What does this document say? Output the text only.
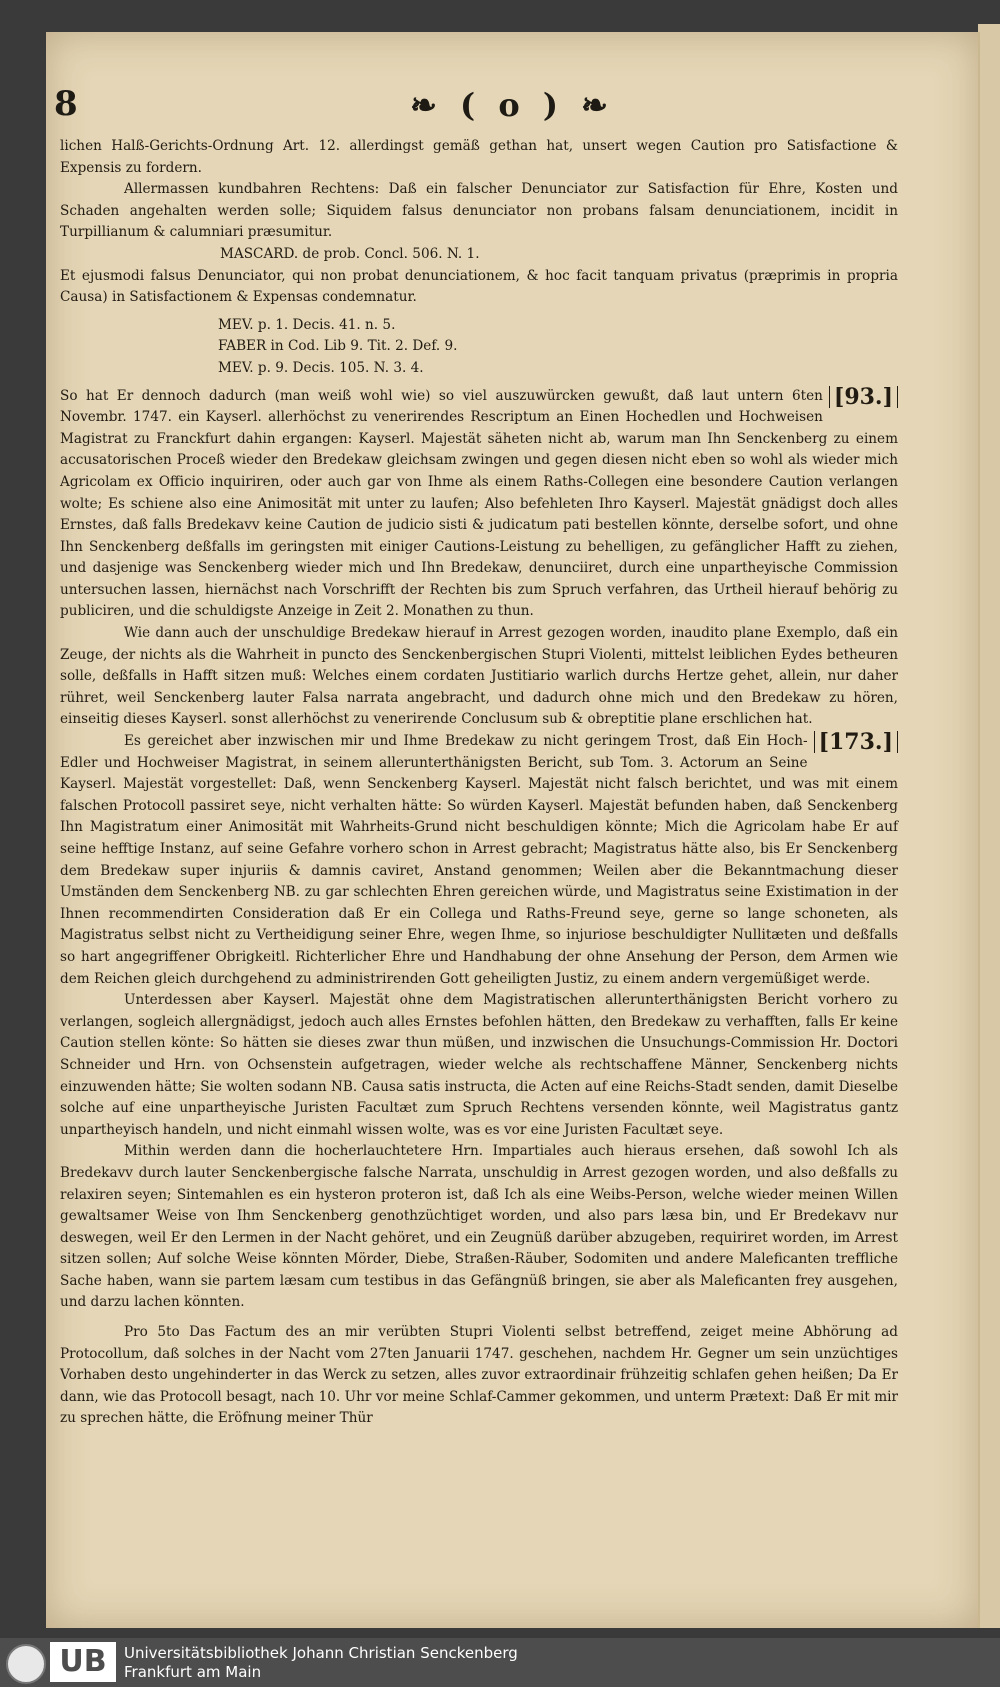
8	❧ ( o ) ❧

lichen Halß-Gerichts-Ordnung Art. 12. allerdingst gemäß gethan hat, unsert wegen Caution pro Satisfactione & Expensis zu fordern.

Allermassen kundbahren Rechtens: Daß ein falscher Denunciator zur Satisfaction für Ehre, Kosten und Schaden angehalten werden solle; Siquidem falsus denunciator non probans falsam denunciationem, incidit in Turpillianum & calumniari præsumitur.

MASCARD. de prob. Concl. 506. N. 1.

Et ejusmodi falsus Denunciator, qui non probat denunciationem, & hoc facit tanquam privatus (præprimis in propria Causa) in Satisfactionem & Expensas condemnatur.

MEV. p. 1. Decis. 41. n. 5.

FABER in Cod. Lib 9. Tit. 2. Def. 9.

MEV. p. 9. Decis. 105. N. 3. 4.

[93.]

So hat Er dennoch dadurch (man weiß wohl wie) so viel auszuwürcken gewußt, daß laut untern 6ten Novembr. 1747. ein Kayserl. allerhöchst zu venerirendes Rescriptum an Einen Hochedlen und Hochweisen Magistrat zu Franckfurt dahin ergangen: Kayserl. Majestät säheten nicht ab, warum man Ihn Senckenberg zu einem accusatorischen Proceß wieder den Bredekaw gleichsam zwingen und gegen diesen nicht eben so wohl als wieder mich Agricolam ex Officio inquiriren, oder auch gar von Ihme als einem Raths-Collegen eine besondere Caution verlangen wolte; Es schiene also eine Animosität mit unter zu laufen; Also befehleten Ihro Kayserl. Majestät gnädigst doch alles Ernstes, daß falls Bredekavv keine Caution de judicio sisti & judicatum pati bestellen könnte, derselbe sofort, und ohne Ihn Senckenberg deßfalls im geringsten mit einiger Cautions-Leistung zu behelligen, zu gefänglicher Hafft zu ziehen, und dasjenige was Senckenberg wieder mich und Ihn Bredekaw, denunciiret, durch eine unpartheyische Commission untersuchen lassen, hiernächst nach Vorschrifft der Rechten bis zum Spruch verfahren, das Urtheil hierauf behörig zu publiciren, und die schuldigste Anzeige in Zeit 2. Monathen zu thun.

Wie dann auch der unschuldige Bredekaw hierauf in Arrest gezogen worden, inaudito plane Exemplo, daß ein Zeuge, der nichts als die Wahrheit in puncto des Senckenbergischen Stupri Violenti, mittelst leiblichen Eydes betheuren solle, deßfalls in Hafft sitzen muß: Welches einem cordaten Justitiario warlich durchs Hertze gehet, allein, nur daher rühret, weil Senckenberg lauter Falsa narrata angebracht, und dadurch ohne mich und den Bredekaw zu hören, einseitig dieses Kayserl. sonst allerhöchst zu venerirende Conclusum sub & obreptitie plane erschlichen hat.

[173.]

Es gereichet aber inzwischen mir und Ihme Bredekaw zu nicht geringem Trost, daß Ein Hoch-Edler und Hochweiser Magistrat, in seinem allerunterthänigsten Bericht, sub Tom. 3. Actorum an Seine Kayserl. Majestät vorgestellet: Daß, wenn Senckenberg Kayserl. Majestät nicht falsch berichtet, und was mit einem falschen Protocoll passiret seye, nicht verhalten hätte: So würden Kayserl. Majestät befunden haben, daß Senckenberg Ihn Magistratum einer Animosität mit Wahrheits-Grund nicht beschuldigen könnte; Mich die Agricolam habe Er auf seine hefftige Instanz, auf seine Gefahre vorhero schon in Arrest gebracht; Magistratus hätte also, bis Er Senckenberg dem Bredekaw super injuriis & damnis caviret, Anstand genommen; Weilen aber die Bekanntmachung dieser Umständen dem Senckenberg NB. zu gar schlechten Ehren gereichen würde, und Magistratus seine Existimation in der Ihnen recommendirten Consideration daß Er ein Collega und Raths-Freund seye, gerne so lange schoneten, als Magistratus selbst nicht zu Vertheidigung seiner Ehre, wegen Ihme, so injuriose beschuldigter Nullitæten und deßfalls so hart angegriffener Obrigkeitl. Richterlicher Ehre und Handhabung der ohne Ansehung der Person, dem Armen wie dem Reichen gleich durchgehend zu administrirenden Gott geheiligten Justiz, zu einem andern vergemüßiget werde.

Unterdessen aber Kayserl. Majestät ohne dem Magistratischen allerunterthänigsten Bericht vorhero zu verlangen, sogleich allergnädigst, jedoch auch alles Ernstes befohlen hätten, den Bredekaw zu verhafften, falls Er keine Caution stellen könte: So hätten sie dieses zwar thun müßen, und inzwischen die Unsuchungs-Commission Hr. Doctori Schneider und Hrn. von Ochsenstein aufgetragen, wieder welche als rechtschaffene Männer, Senckenberg nichts einzuwenden hätte; Sie wolten sodann NB. Causa satis instructa, die Acten auf eine Reichs-Stadt senden, damit Dieselbe solche auf eine unpartheyische Juristen Facultæt zum Spruch Rechtens versenden könnte, weil Magistratus gantz unpartheyisch handeln, und nicht einmahl wissen wolte, was es vor eine Juristen Facultæt seye.

Mithin werden dann die hocherlauchtetere Hrn. Impartiales auch hieraus ersehen, daß sowohl Ich als Bredekavv durch lauter Senckenbergische falsche Narrata, unschuldig in Arrest gezogen worden, und also deßfalls zu relaxiren seyen; Sintemahlen es ein hysteron proteron ist, daß Ich als eine Weibs-Person, welche wieder meinen Willen gewaltsamer Weise von Ihm Senckenberg genothzüchtiget worden, und also pars læsa bin, und Er Bredekavv nur deswegen, weil Er den Lermen in der Nacht gehöret, und ein Zeugnüß darüber abzugeben, requiriret worden, im Arrest sitzen sollen; Auf solche Weise könnten Mörder, Diebe, Straßen-Räuber, Sodomiten und andere Maleficanten treffliche Sache haben, wann sie partem læsam cum testibus in das Gefängnüß bringen, sie aber als Maleficanten frey ausgehen, und darzu lachen könnten.

Pro 5to Das Factum des an mir verübten Stupri Violenti selbst betreffend, zeiget meine Abhörung ad Protocollum, daß solches in der Nacht vom 27ten Januarii 1747. geschehen, nachdem Hr. Gegner um sein unzüchtiges Vorhaben desto ungehinderter in das Werck zu setzen, alles zuvor extraordinair frühzeitig schlafen gehen heißen; Da Er dann, wie das Protocoll besagt, nach 10. Uhr vor meine Schlaf-Cammer gekommen, und unterm Prætext: Daß Er mit mir zu sprechen hätte, die Eröfnung meiner Thür

UB	Universitätsbibliothek Johann Christian Senckenberg
Frankfurt am Main
